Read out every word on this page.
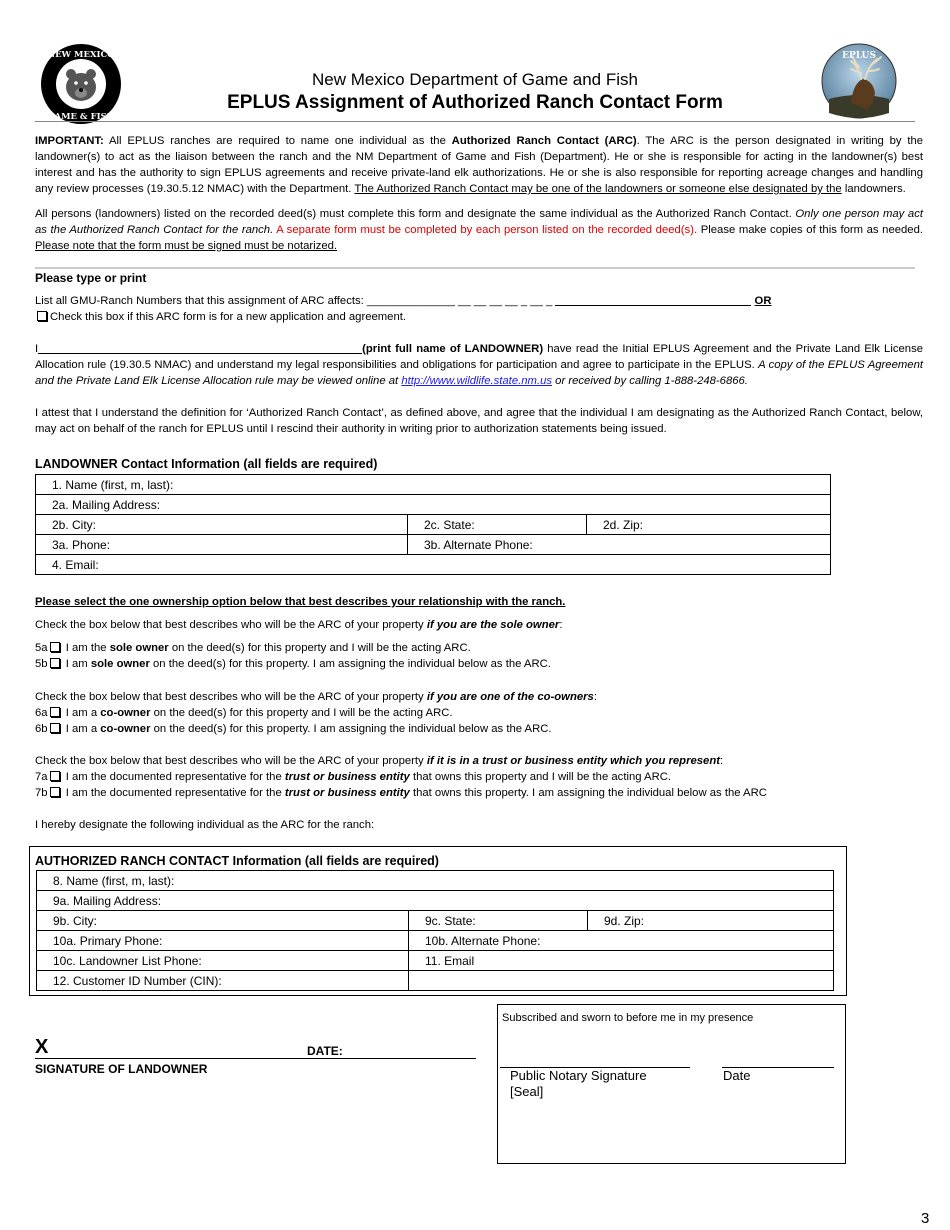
NEW MEXICO
GAME & FISH
EPLUS
New Mexico Department of Game and Fish
EPLUS Assignment of Authorized Ranch Contact Form
IMPORTANT: All EPLUS ranches are required to name one individual as the Authorized Ranch Contact (ARC). The ARC is the person designated in writing by the landowner(s) to act as the liaison between the ranch and the NM Department of Game and Fish (Department). He or she is responsible for acting in the landowner(s) best interest and has the authority to sign EPLUS agreements and receive private-land elk authorizations. He or she is also responsible for reporting acreage changes and handling any review processes (19.30.5.12 NMAC) with the Department. The Authorized Ranch Contact may be one of the landowners or someone else designated by the landowners.
All persons (landowners) listed on the recorded deed(s) must complete this form and designate the same individual as the Authorized Ranch Contact. Only one person may act as the Authorized Ranch Contact for the ranch. A separate form must be completed by each person listed on the recorded deed(s). Please make copies of this form as needed. Please note that the form must be signed must be notarized.
Please type or print
List all GMU-Ranch Numbers that this assignment of ARC affects: ______________ __ __ __ __ _ __ _	OR
Check this box if this ARC form is for a new application and agreement.
I	(print full name of LANDOWNER) have read the Initial EPLUS Agreement and the Private Land Elk License Allocation rule (19.30.5 NMAC) and understand my legal responsibilities and obligations for participation and agree to participate in the EPLUS. A copy of the EPLUS Agreement and the Private Land Elk License Allocation rule may be viewed online at http://www.wildlife.state.nm.us or received by calling 1-888-248-6866.
I attest that I understand the definition for ‘Authorized Ranch Contact’, as defined above, and agree that the individual I am designating as the Authorized Ranch Contact, below, may act on behalf of the ranch for EPLUS until I rescind their authority in writing prior to authorization statements being issued.
LANDOWNER Contact Information (all fields are required)
1. Name (first, m, last):		
2a. Mailing Address:		
2b. City:	2c. State:	2d. Zip:
3a. Phone:	3b. Alternate Phone:	
4. Email:		
Please select the one ownership option below that best describes your relationship with the ranch.
Check the box below that best describes who will be the ARC of your property if you are the sole owner:
5a I am the sole owner on the deed(s) for this property and I will be the acting ARC.
5b I am sole owner on the deed(s) for this property. I am assigning the individual below as the ARC.
Check the box below that best describes who will be the ARC of your property if you are one of the co-owners:
6a I am a co-owner on the deed(s) for this property and I will be the acting ARC.
6b I am a co-owner on the deed(s) for this property. I am assigning the individual below as the ARC.
Check the box below that best describes who will be the ARC of your property if it is in a trust or business entity which you represent:
7a I am the documented representative for the trust or business entity that owns this property and I will be the acting ARC.
7b I am the documented representative for the trust or business entity that owns this property. I am assigning the individual below as the ARC
I hereby designate the following individual as the ARC for the ranch:
AUTHORIZED RANCH CONTACT Information (all fields are required)
8. Name (first, m, last):		
9a. Mailing Address:		
9b. City:	9c. State:	9d. Zip:
10a. Primary Phone:	10b. Alternate Phone:	
10c. Landowner List Phone:	11. Email	
12. Customer ID Number (CIN):		
X	DATE:
SIGNATURE OF LANDOWNER
Subscribed and sworn to before me in my presence
Public Notary Signature
[Seal]
Date
3
